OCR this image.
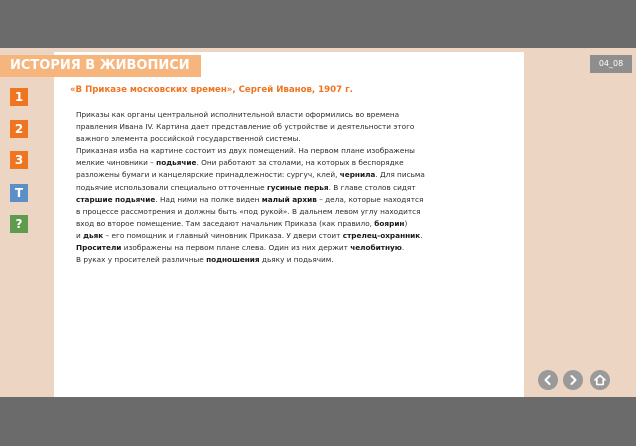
«В Приказе московских времен», Сергей Иванов, 1907 г.
Приказы как органы центральной исполнительной власти оформились во времена
правления Ивана IV. Картина дает представление об устройстве и деятельности этого
важного элемента российской государственной системы.
Приказная изба на картине состоит из двух помещений. На первом плане изображены
мелкие чиновники – подьячие. Они работают за столами, на которых в беспорядке
разложены бумаги и канцелярские принадлежности: сургуч, клей, чернила. Для письма
подьячие использовали специально отточенные гусиные перья. В главе столов сидят
старшие подьячие. Над ними на полке виден малый архив – дела, которые находятся
в процессе рассмотрения и должны быть «под рукой». В дальнем левом углу находится
вход во второе помещение. Там заседают начальник Приказа (как правило, боярин)
и дьяк – его помощник и главный чиновник Приказа. У двери стоит стрелец-охранник.
Просители изображены на первом плане слева. Один из них держит челобитную.
В руках у просителей различные подношения дьяку и подьячим.
ИСТОРИЯ В ЖИВОПИСИ
1
2
3
T
?
04_08
